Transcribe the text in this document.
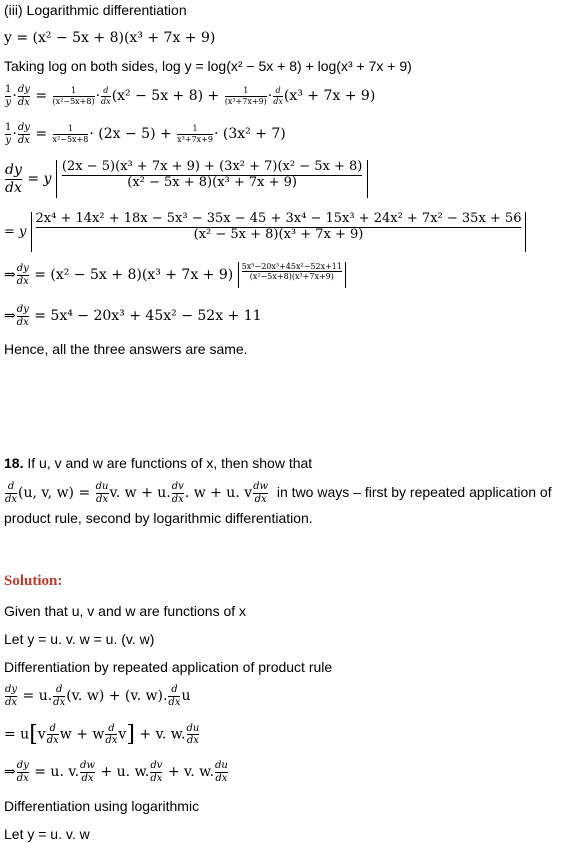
(iii) Logarithmic differentiation
y = (x² − 5x + 8)(x³ + 7x + 9)
Taking log on both sides, log y = log(x² − 5x + 8) + log(x³ + 7x + 9)
$\frac{1}{y} \cdot \frac{dy}{dx} = \frac{1}{\text{(x²−5x+8)}} \cdot \frac{d}{dx} (x^2 - 5x + 8) + \frac{1}{\text{(x³+7x+9)}} \cdot \frac{d}{dx} (x^3 + 7x + 9)$
$\frac{1}{y} \cdot \frac{dy}{dx} = \frac{1}{\text{x²−5x+8}} \cdot (2x - 5) + \frac{1}{\text{x³+7x+9}} \cdot (3x^2 + 7)$
$\frac{dy}{dx} = y \frac{\text{(2x − 5)(x³ + 7x + 9) + (3x² + 7)(x² − 5x + 8)}}{\text{(x² − 5x + 8)(x³ + 7x + 9)}}$
= y
2x⁴ + 14x² + 18x − 5x³ − 35x − 45 + 3x⁴ − 15x³ + 24x² + 7x² − 35x + 56
(x² − 5x + 8)(x³ + 7x + 9)
⇒ $\frac{dy}{dx} = (x^2 - 5x + 8)(x^3 + 7x + 9) \frac{\text{5x⁵−20x³+45x²−52x+11}}{\text{(x²−5x+8)(x³+7x+9)}}$
⇒ $\frac{dy}{dx} = 5x^4 - 20x^3 + 45x^2 - 52x + 11$
Hence, all the three answers are same.
18. If u, v and w are functions of x, then show that
$\frac{d}{dx} (u$, v, $w) = \frac{du}{dx} v$. w + u. $\frac{dv}{dx}$ . w + u. v $\frac{dw}{dx}$ in two ways – first by repeated application of
product rule, second by logarithmic differentiation.
Solution:
Given that u, v and w are functions of x
Let y = u. v. w = u. (v. w)
Differentiation by repeated application of product rule
$\frac{dy}{dx} = u$. $\frac{d}{dx} (v$. w) + (v. w). $\frac{d}{dx}$ u
= $u[v \frac{d}{dx}$ w + w $\frac{d}{dx} v] + v$. w. $\frac{du}{dx}$
⇒ $\frac{dy}{dx} = u$. v. $\frac{dw}{dx} + u$. w. $\frac{dv}{dx} + v$. w. $\frac{du}{dx}$
Differentiation using logarithmic
Let y = u. v. w
